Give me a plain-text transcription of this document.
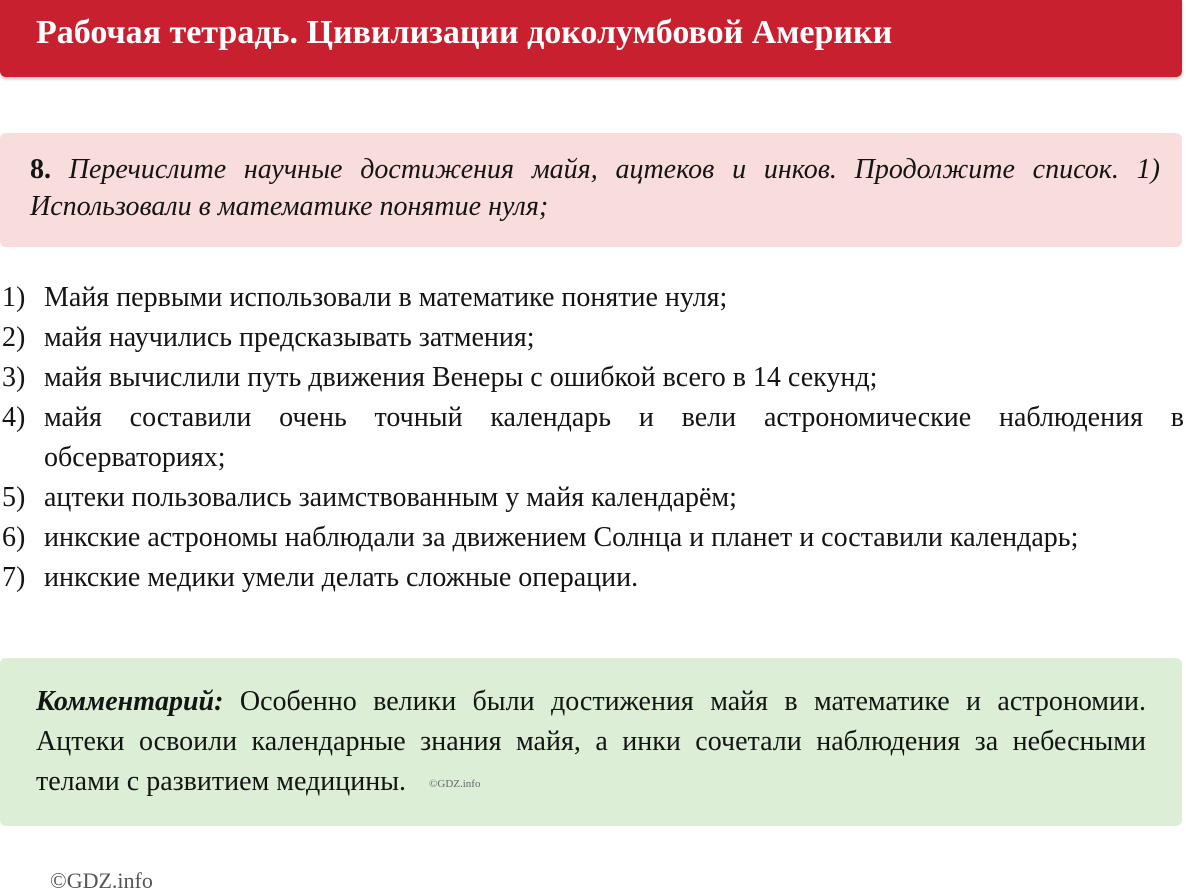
Рабочая тетрадь. Цивилизации доколумбовой Америки
8. Перечислите научные достижения майя, ацтеков и инков. Продолжите список. 1) Использовали в математике понятие нуля;
1) Майя первыми использовали в математике понятие нуля;
2) майя научились предсказывать затмения;
3) майя вычислили путь движения Венеры с ошибкой всего в 14 секунд;
4) майя составили очень точный календарь и вели астрономические наблюдения в обсерваториях;
5) ацтеки пользовались заимствованным у майя календарём;
6) инкские астрономы наблюдали за движением Солнца и планет и составили календарь;
7) инкские медики умели делать сложные операции.
Комментарий: Особенно велики были достижения майя в математике и астрономии. Ацтеки освоили календарные знания майя, а инки сочетали наблюдения за небесными телами с развитием медицины. ©GDZ.info
©GDZ.info
